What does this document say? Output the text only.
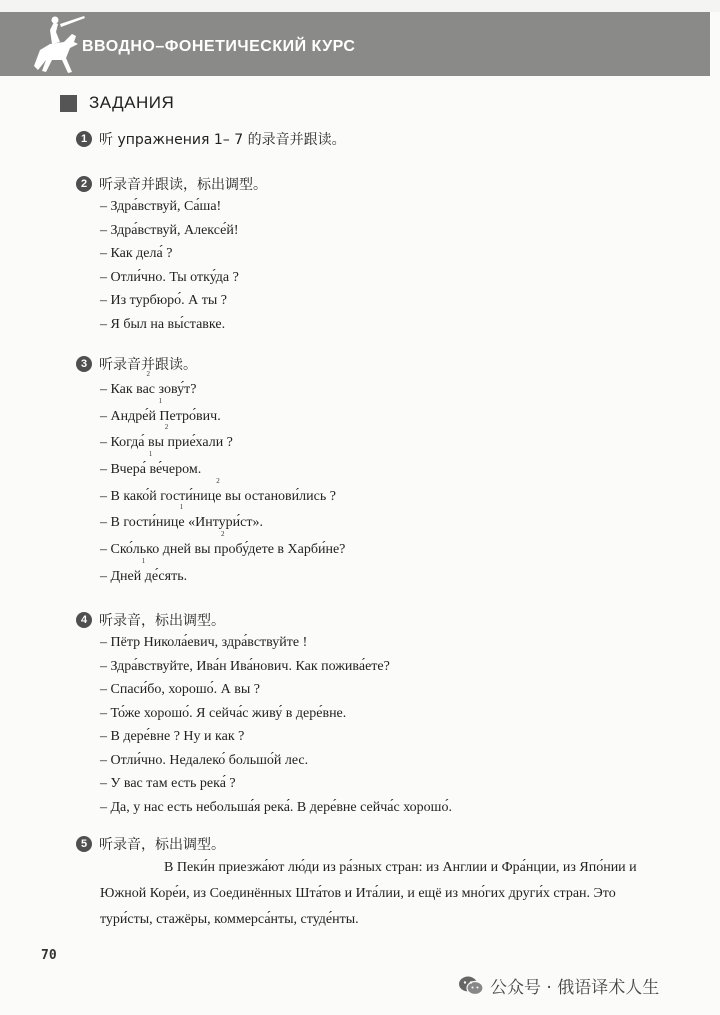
ВВОДНО–ФОНЕТИЧЕСКИЙ КУРС
ЗАДАНИЯ
1 听 упражнения 1– 7 的录音并跟读。
2 听录音并跟读，标出调型。
– Здра́вствуй, Са́ша!
– Здра́вствуй, Алексе́й!
– Как дела́ ?
– Отли́чно. Ты отку́да ?
– Из турбюро́. А ты ?
– Я был на вы́ставке.
3 听录音并跟读。
2 – Как вас зову́т?
1 – Андре́й Петро́вич.
2 – Когда́ вы прие́хали ?
1 – Вчера́ ве́чером.
2 – В како́й гости́нице вы останови́лись ?
1 – В гости́нице «Интури́ст».
2 – Ско́лько дней вы пробу́дете в Харби́не?
1 – Дней де́сять.
4 听录音，标出调型。
– Пётр Никола́евич, здра́вствуйте !
– Здра́вствуйте, Ива́н Ива́нович. Как пожива́ете?
– Спаси́бо, хорошо́. А вы ?
– То́же хорошо́. Я сейча́с живу́ в дере́вне.
– В дере́вне ? Ну и как ?
– Отли́чно. Недалеко́ большо́й лес.
– У вас там есть река́ ?
– Да, у нас есть небольша́я река́. В дере́вне сейча́с хорошо́.
5 听录音，标出调型。
В Пеки́н приезжа́ют лю́ди из ра́зных стран: из Англии и Фра́нции, из Япо́нии и Южной Коре́и, из Соединённых Шта́тов и Ита́лии, и ещё из мно́гих други́х стран. Это тури́сты, стажёры, коммерса́нты, студе́нты.
70
公众号 · 俄语译术人生
